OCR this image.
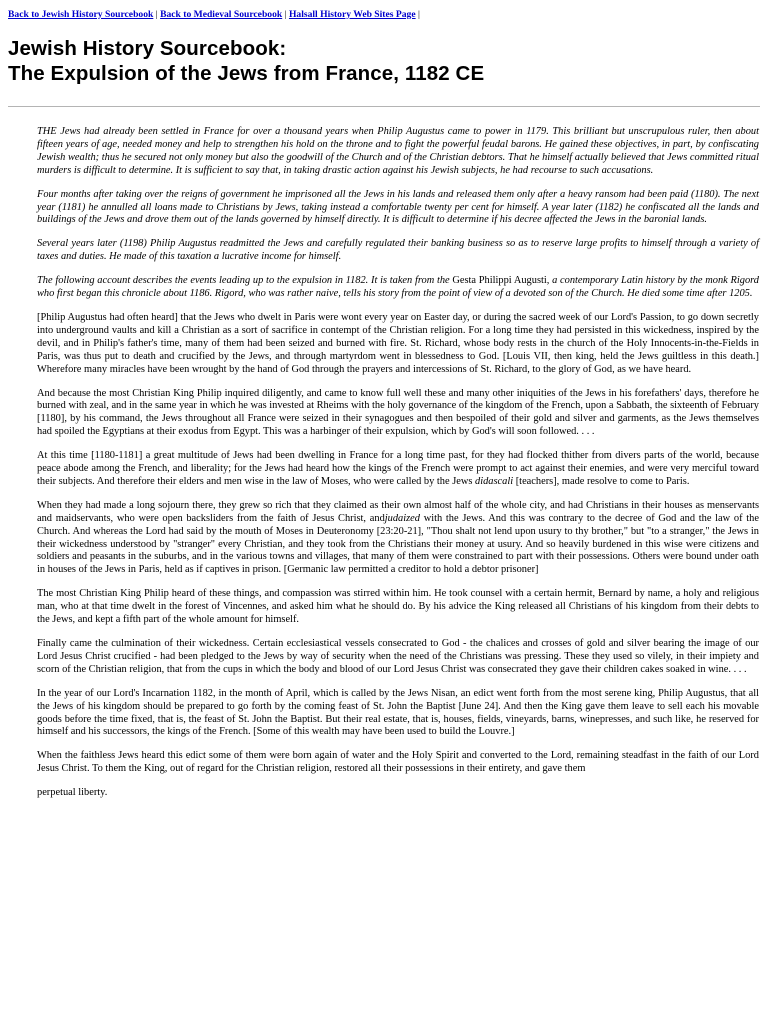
Back to Jewish History Sourcebook | Back to Medieval Sourcebook | Halsall History Web Sites Page |
Jewish History Sourcebook:
The Expulsion of the Jews from France, 1182 CE

THE Jews had already been settled in France for over a thousand years when Philip Augustus came to power in 1179. This brilliant but unscrupulous ruler, then about fifteen years of age, needed money and help to strengthen his hold on the throne and to fight the powerful feudal barons. He gained these objectives, in part, by confiscating Jewish wealth; thus he secured not only money but also the goodwill of the Church and of the Christian debtors. That he himself actually believed that Jews committed ritual murders is difficult to determine. It is sufficient to say that, in taking drastic action against his Jewish subjects, he had recourse to such accusations.

Four months after taking over the reigns of government he imprisoned all the Jews in his lands and released them only after a heavy ransom had been paid (1180). The next year (1181) he annulled all loans made to Christians by Jews, taking instead a comfortable twenty per cent for himself. A year later (1182) he confiscated all the lands and buildings of the Jews and drove them out of the lands governed by himself directly. It is difficult to determine if his decree affected the Jews in the baronial lands.

Several years later (1198) Philip Augustus readmitted the Jews and carefully regulated their banking business so as to reserve large profits to himself through a variety of taxes and duties. He made of this taxation a lucrative income for himself.

The following account describes the events leading up to the expulsion in 1182. It is taken from the Gesta Philippi Augusti, a contemporary Latin history by the monk Rigord who first began this chronicle about 1186. Rigord, who was rather naive, tells his story from the point of view of a devoted son of the Church. He died some time after 1205.

[Philip Augustus had often heard] that the Jews who dwelt in Paris were wont every year on Easter day, or during the sacred week of our Lord's Passion, to go down secretly into underground vaults and kill a Christian as a sort of sacrifice in contempt of the Christian religion. For a long time they had persisted in this wickedness, inspired by the devil, and in Philip's father's time, many of them had been seized and burned with fire. St. Richard, whose body rests in the church of the Holy Innocents-in-the-Fields in Paris, was thus put to death and crucified by the Jews, and through martyrdom went in blessedness to God. [Louis VII, then king, held the Jews guiltless in this death.] Wherefore many miracles have been wrought by the hand of God through the prayers and intercessions of St. Richard, to the glory of God, as we have heard.

And because the most Christian King Philip inquired diligently, and came to know full well these and many other iniquities of the Jews in his forefathers' days, therefore he burned with zeal, and in the same year in which he was invested at Rheims with the holy governance of the kingdom of the French, upon a Sabbath, the sixteenth of February [1180], by his command, the Jews throughout all France were seized in their synagogues and then bespoiled of their gold and silver and garments, as the Jews themselves had spoiled the Egyptians at their exodus from Egypt. This was a harbinger of their expulsion, which by God's will soon followed. . . .

At this time [1180-1181] a great multitude of Jews had been dwelling in France for a long time past, for they had flocked thither from divers parts of the world, because peace abode among the French, and liberality; for the Jews had heard how the kings of the French were prompt to act against their enemies, and were very merciful toward their subjects. And therefore their elders and men wise in the law of Moses, who were called by the Jews didascali [teachers], made resolve to come to Paris.

When they had made a long sojourn there, they grew so rich that they claimed as their own almost half of the whole city, and had Christians in their houses as menservants and maidservants, who were open backsliders from the faith of Jesus Christ, andjudaized with the Jews. And this was contrary to the decree of God and the law of the Church. And whereas the Lord had said by the mouth of Moses in Deuteronomy [23:20-21], "Thou shalt not lend upon usury to thy brother," but "to a stranger," the Jews in their wickedness understood by "stranger" every Christian, and they took from the Christians their money at usury. And so heavily burdened in this wise were citizens and soldiers and peasants in the suburbs, and in the various towns and villages, that many of them were constrained to part with their possessions. Others were bound under oath in houses of the Jews in Paris, held as if captives in prison. [Germanic law permitted a creditor to hold a debtor prisoner]

The most Christian King Philip heard of these things, and compassion was stirred within him. He took counsel with a certain hermit, Bernard by name, a holy and religious man, who at that time dwelt in the forest of Vincennes, and asked him what he should do. By his advice the King released all Christians of his kingdom from their debts to the Jews, and kept a fifth part of the whole amount for himself.

Finally came the culmination of their wickedness. Certain ecclesiastical vessels consecrated to God - the chalices and crosses of gold and silver bearing the image of our Lord Jesus Christ crucified - had been pledged to the Jews by way of security when the need of the Christians was pressing. These they used so vilely, in their impiety and scorn of the Christian religion, that from the cups in which the body and blood of our Lord Jesus Christ was consecrated they gave their children cakes soaked in wine. . . .

In the year of our Lord's Incarnation 1182, in the month of April, which is called by the Jews Nisan, an edict went forth from the most serene king, Philip Augustus, that all the Jews of his kingdom should be prepared to go forth by the coming feast of St. John the Baptist [June 24]. And then the King gave them leave to sell each his movable goods before the time fixed, that is, the feast of St. John the Baptist. But their real estate, that is, houses, fields, vineyards, barns, winepresses, and such like, he reserved for himself and his successors, the kings of the French. [Some of this wealth may have been used to build the Louvre.]

When the faithless Jews heard this edict some of them were born again of water and the Holy Spirit and converted to the Lord, remaining steadfast in the faith of our Lord Jesus Christ. To them the King, out of regard for the Christian religion, restored all their possessions in their entirety, and gave them

perpetual liberty.
